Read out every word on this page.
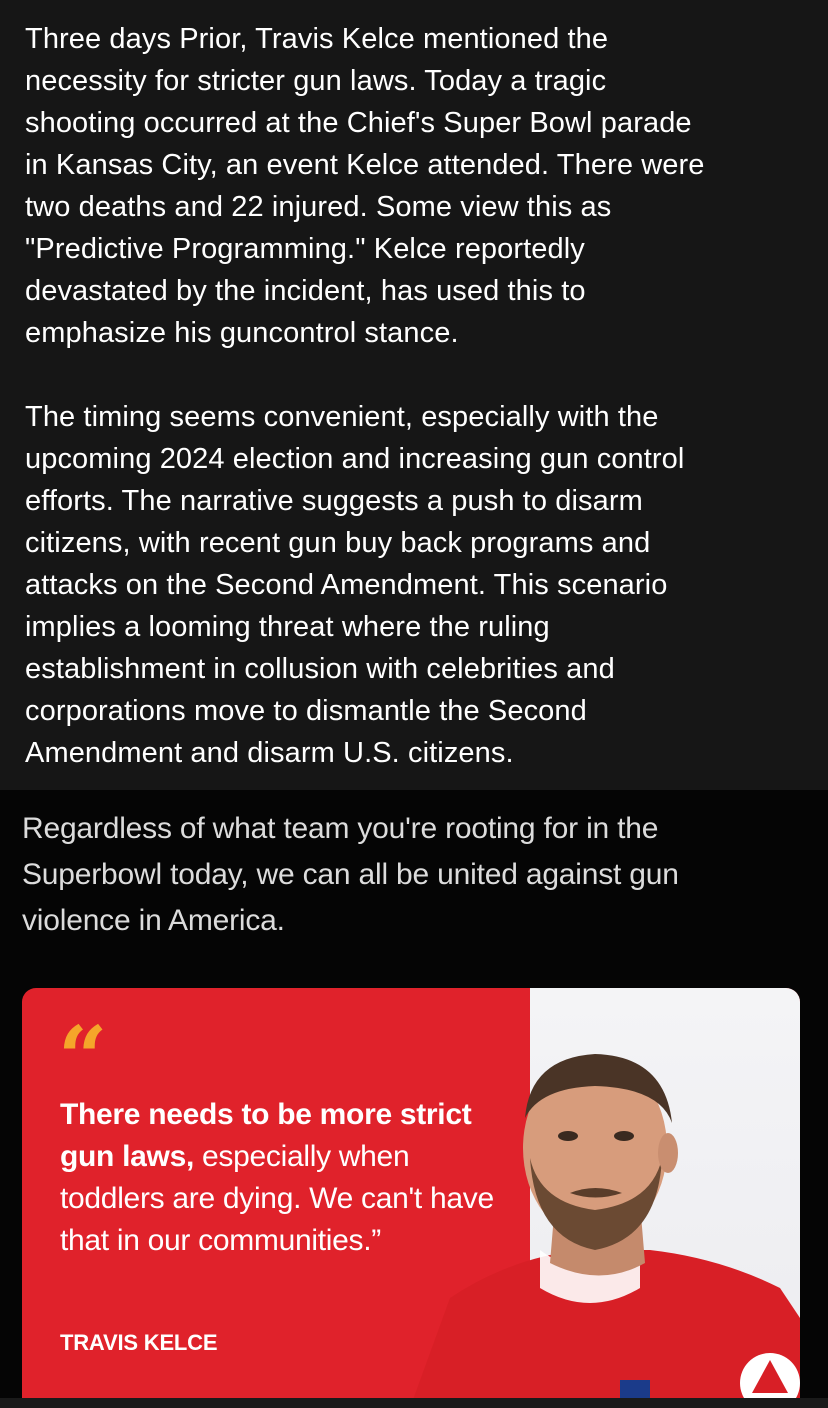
Three days Prior, Travis Kelce mentioned the
necessity for stricter gun laws. Today a tragic
shooting occurred at the Chief's Super Bowl parade
in Kansas City, an event Kelce attended. There were
two deaths and 22 injured. Some view this as
"Predictive Programming." Kelce reportedly
devastated by the incident, has used this to
emphasize his guncontrol stance.

The timing seems convenient, especially with the
upcoming 2024 election and increasing gun control
efforts. The narrative suggests a push to disarm
citizens, with recent gun buy back programs and
attacks on the Second Amendment. This scenario
implies a looming threat where the ruling
establishment in collusion with celebrities and
corporations move to dismantle the Second
Amendment and disarm U.S. citizens.

Regardless of what team you're rooting for in the
Superbowl today, we can all be united against gun
violence in America.

“

There needs to be more strict gun laws, especially when toddlers are dying. We can't have that in our communities.”

TRAVIS KELCE
